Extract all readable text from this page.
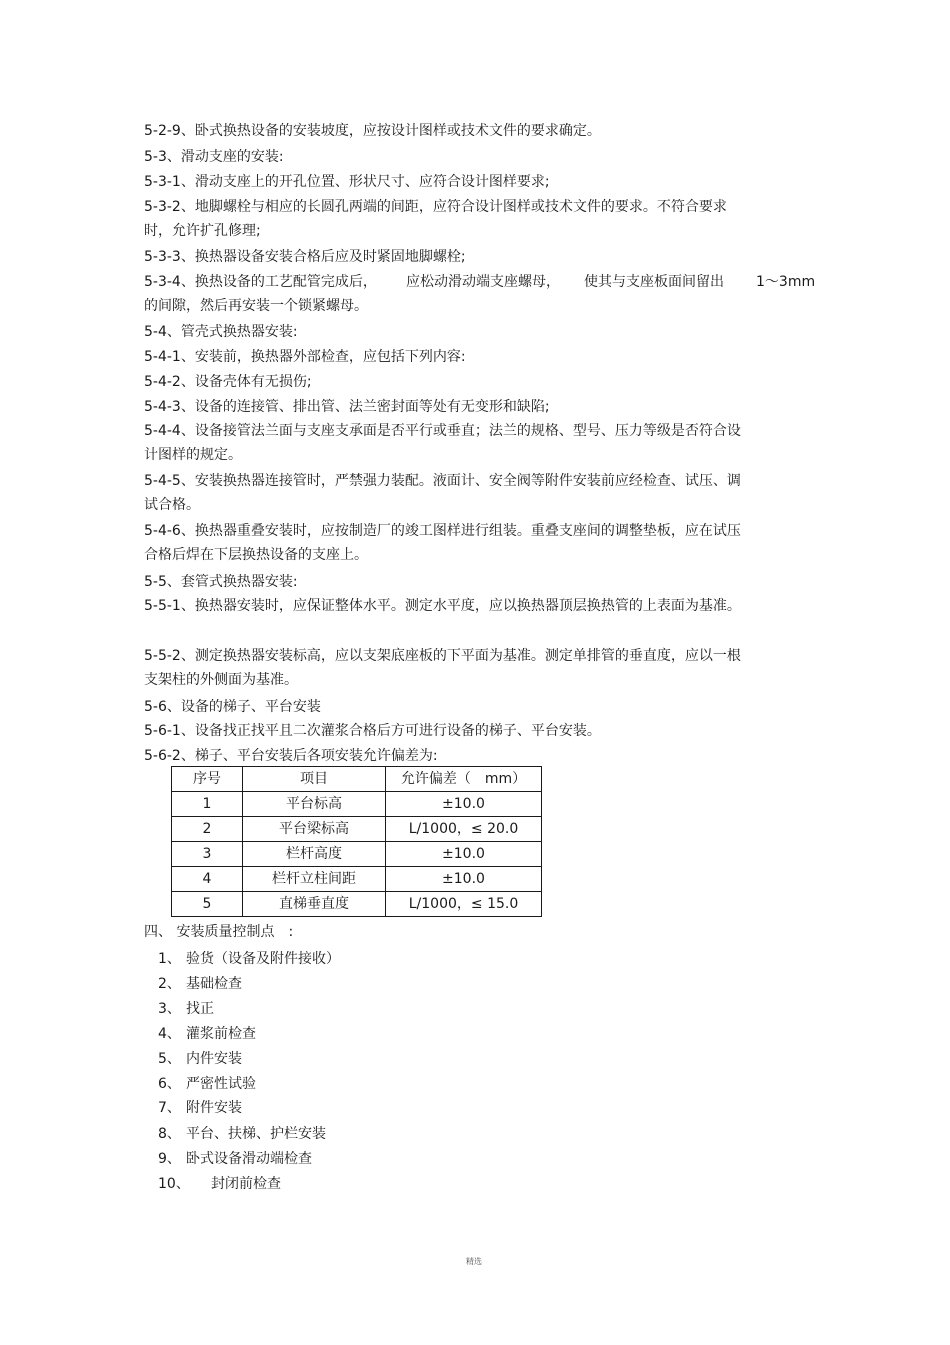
5-2-9、卧式换热设备的安装坡度，应按设计图样或技术文件的要求确定。

5-3、滑动支座的安装:

5-3-1、滑动支座上的开孔位置、形状尺寸、应符合设计图样要求;

5-3-2、地脚螺栓与相应的长圆孔两端的间距，应符合设计图样或技术文件的要求。不符合要求时，允许扩孔修理;

5-3-3、换热器设备安装合格后应及时紧固地脚螺栓;

5-3-4、换热设备的工艺配管完成后， 应松动滑动端支座螺母， 使其与支座板面间留出 1～3mm
的间隙，然后再安装一个锁紧螺母。

5-4、管壳式换热器安装:

5-4-1、安装前，换热器外部检查，应包括下列内容:

5-4-2、设备壳体有无损伤;

5-4-3、设备的连接管、排出管、法兰密封面等处有无变形和缺陷;

5-4-4、设备接管法兰面与支座支承面是否平行或垂直；法兰的规格、型号、压力等级是否符合设计图样的规定。

5-4-5、安装换热器连接管时，严禁强力装配。液面计、安全阀等附件安装前应经检查、试压、调试合格。

5-4-6、换热器重叠安装时，应按制造厂的竣工图样进行组装。重叠支座间的调整垫板，应在试压合格后焊在下层换热设备的支座上。

5-5、套管式换热器安装:

5-5-1、换热器安装时，应保证整体水平。测定水平度，应以换热器顶层换热管的上表面为基准。

5-5-2、测定换热器安装标高，应以支架底座板的下平面为基准。测定单排管的垂直度，应以一根支架柱的外侧面为基准。

5-6、设备的梯子、平台安装

5-6-1、设备找正找平且二次灌浆合格后方可进行设备的梯子、平台安装。

5-6-2、梯子、平台安装后各项安装允许偏差为:

序号	项目	允许偏差（　mm）
1	平台标高	±10.0
2	平台梁标高	L/1000，≤ 20.0
3	栏杆高度	±10.0
4	栏杆立柱间距	±10.0
5	直梯垂直度	L/1000，≤ 15.0

四、 安装质量控制点　:

1、 验货（设备及附件接收）
2、 基础检查
3、 找正
4、 灌浆前检查
5、 内件安装
6、 严密性试验
7、 附件安装
8、 平台、扶梯、护栏安装
9、 卧式设备滑动端检查
10、 封闭前检查
精选
